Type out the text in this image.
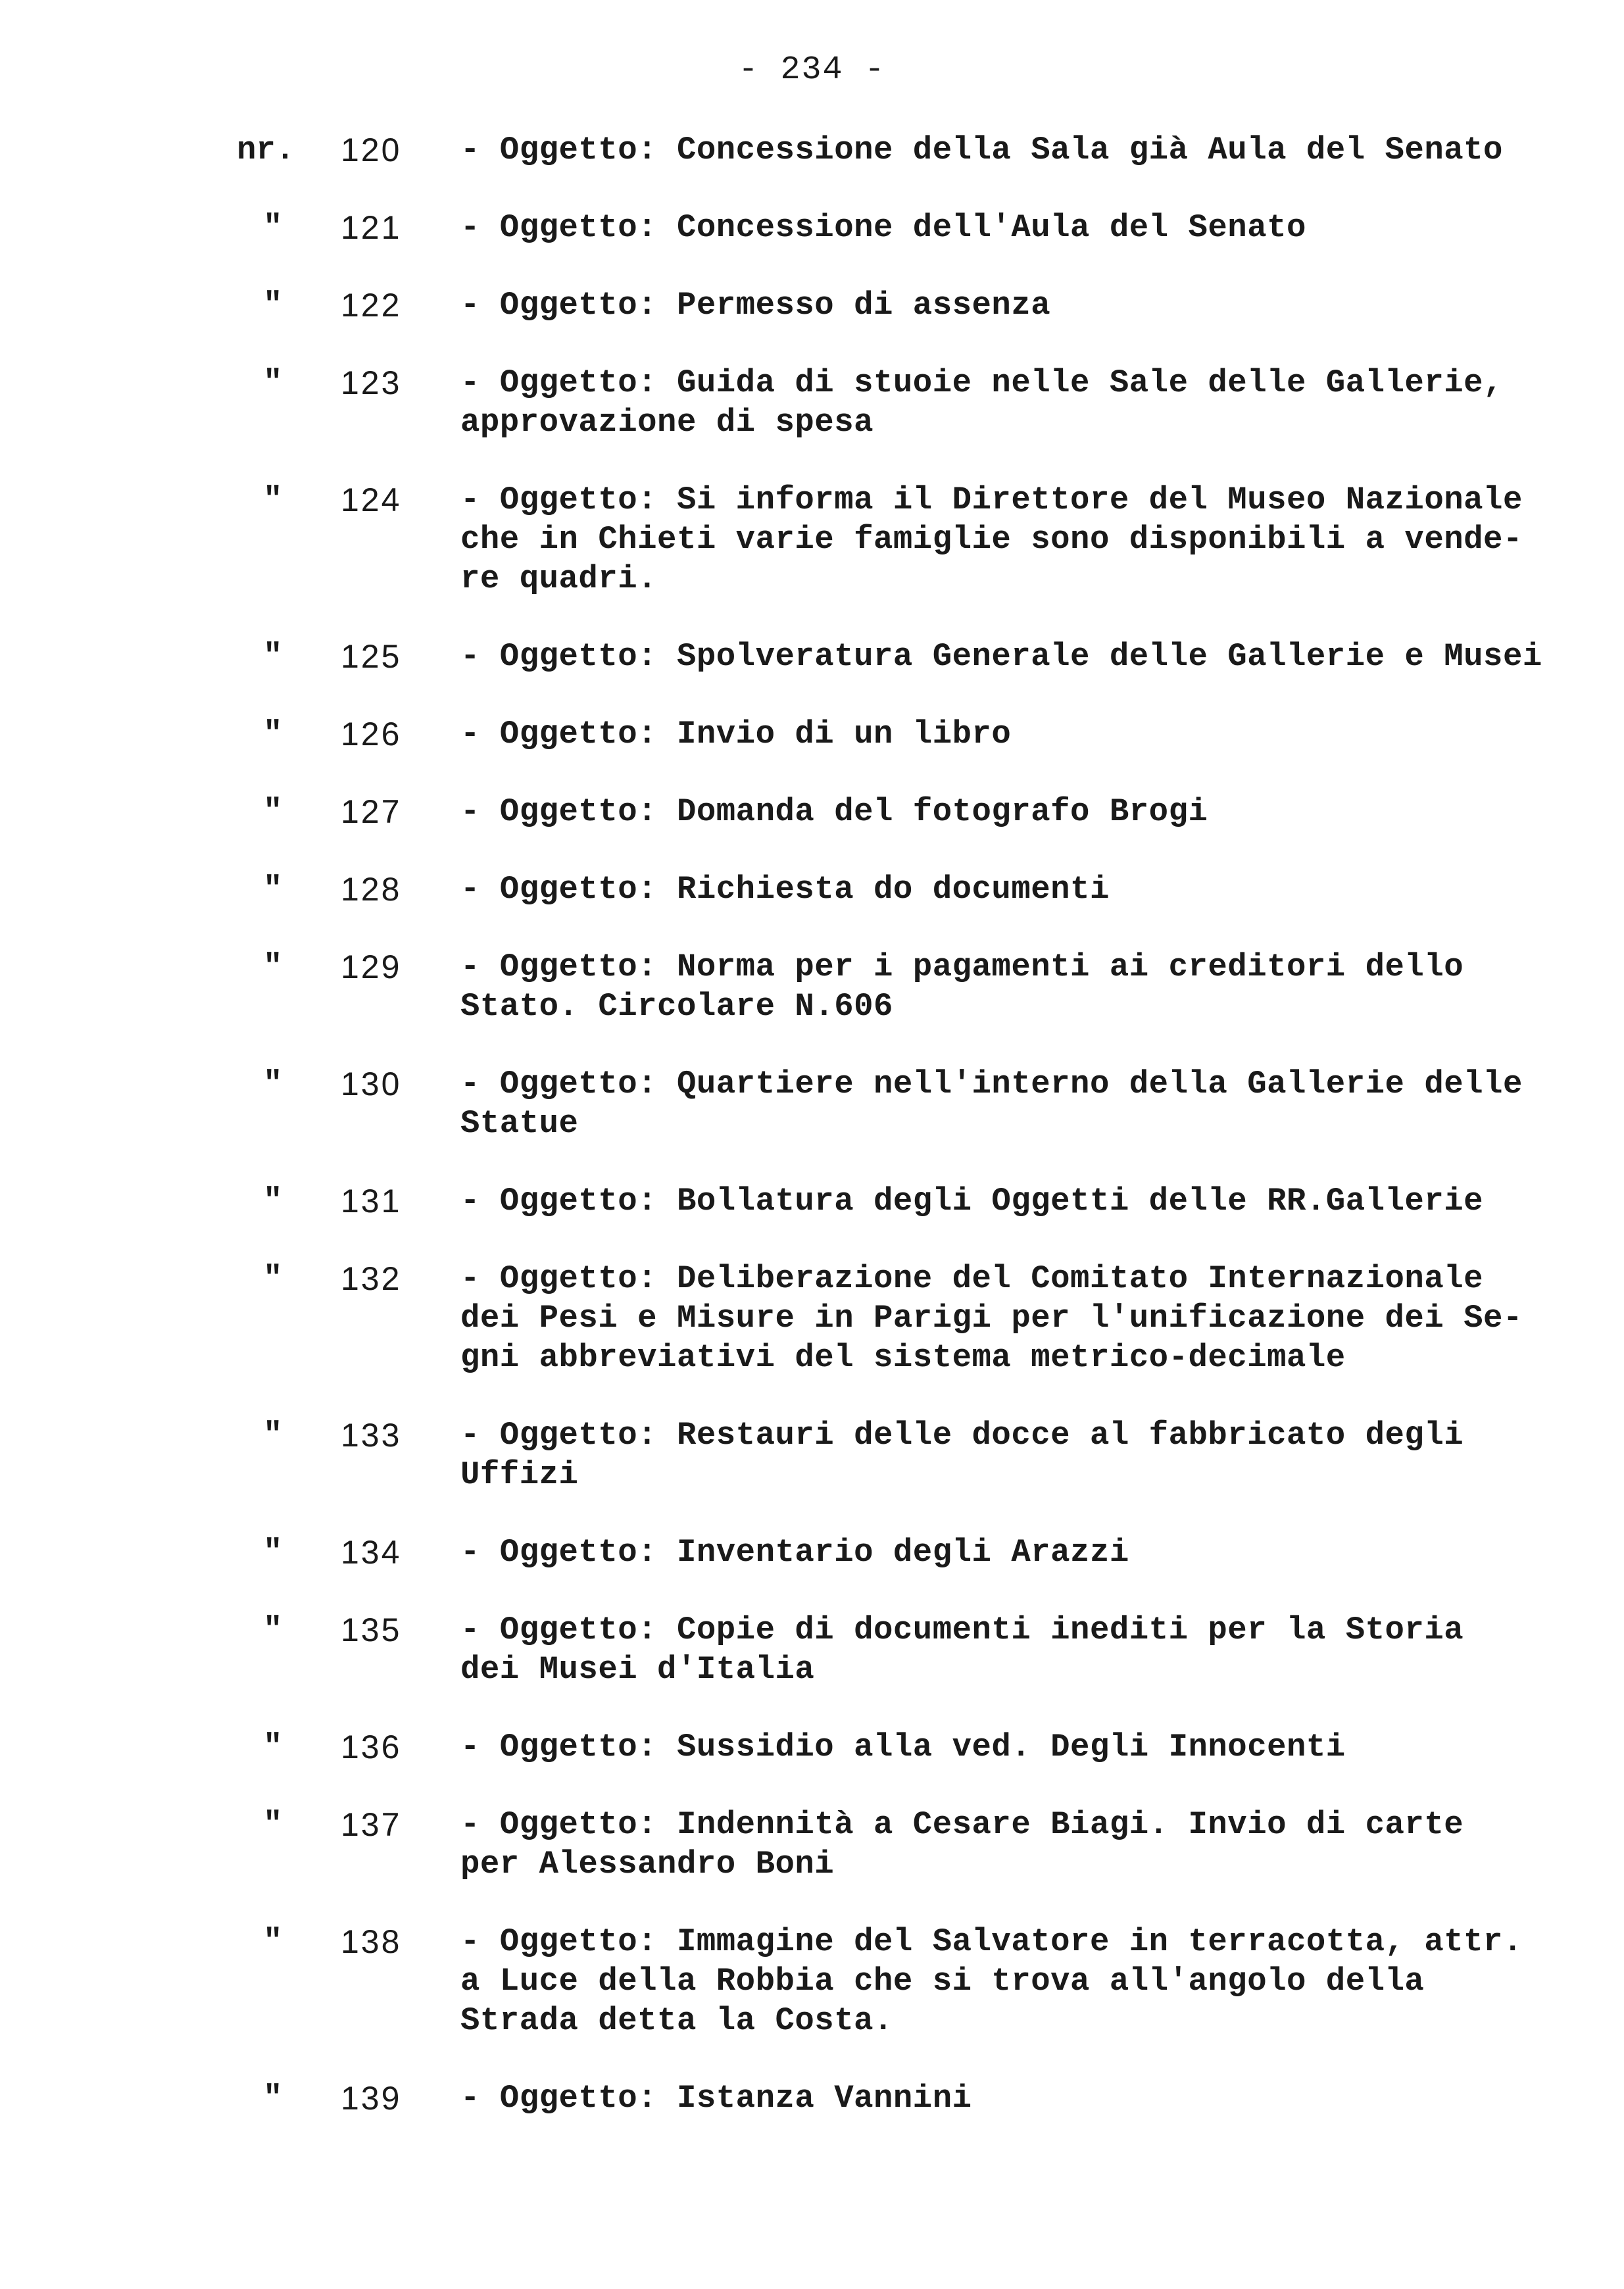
- 234 -
nr. 120 - Oggetto: Concessione della Sala già Aula del Senato
" 121 - Oggetto: Concessione dell'Aula del Senato
" 122 - Oggetto: Permesso di assenza
" 123 - Oggetto: Guida di stuoie nelle Sale delle Gallerie,
approvazione di spesa
" 124 - Oggetto: Si informa il Direttore del Museo Nazionale
che in Chieti varie famiglie sono disponibili a vende-
re quadri.
" 125 - Oggetto: Spolveratura Generale delle Gallerie e Musei
" 126 - Oggetto: Invio di un libro
" 127 - Oggetto: Domanda del fotografo Brogi
" 128 - Oggetto: Richiesta do documenti
" 129 - Oggetto: Norma per i pagamenti ai creditori dello
Stato. Circolare N.606
" 130 - Oggetto: Quartiere nell'interno della Gallerie delle
Statue
" 131 - Oggetto: Bollatura degli Oggetti delle RR.Gallerie
" 132 - Oggetto: Deliberazione del Comitato Internazionale
dei Pesi e Misure in Parigi per l'unificazione dei Se-
gni abbreviativi del sistema metrico-decimale
" 133 - Oggetto: Restauri delle docce al fabbricato degli
Uffizi
" 134 - Oggetto: Inventario degli Arazzi
" 135 - Oggetto: Copie di documenti inediti per la Storia
dei Musei d'Italia
" 136 - Oggetto: Sussidio alla ved. Degli Innocenti
" 137 - Oggetto: Indennità a Cesare Biagi. Invio di carte
per Alessandro Boni
" 138 - Oggetto: Immagine del Salvatore in terracotta, attr.
a Luce della Robbia che si trova all'angolo della
Strada detta la Costa.
" 139 - Oggetto: Istanza Vannini
